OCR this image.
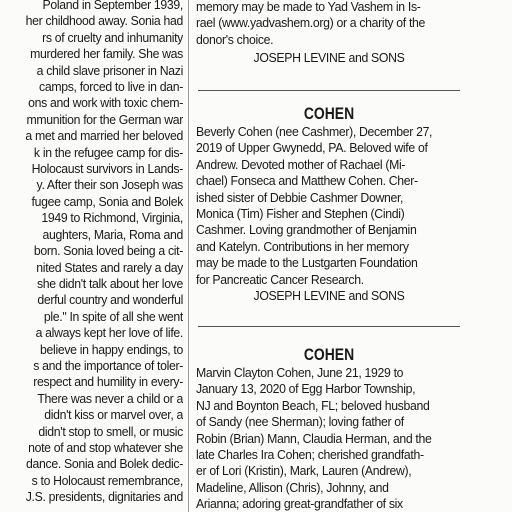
Poland in September 1939,
her childhood away. Sonia had
rs of cruelty and inhumanity
murdered her family. She was
a child slave prisoner in Nazi
camps, forced to live in dan-
ons and work with toxic chem-
mmunition for the German war
a met and married her beloved
k in the refugee camp for dis-
Holocaust survivors in Lands-
y. After their son Joseph was
fugee camp, Sonia and Bolek
1949 to Richmond, Virginia,
aughters, Maria, Roma and
born. Sonia loved being a cit-
nited States and rarely a day
she didn't talk about her love
derful country and wonderful
ple." In spite of all she went
a always kept her love of life.
believe in happy endings, to
s and the importance of toler-
respect and humility in every-
There was never a child or a
didn't kiss or marvel over, a
didn't stop to smell, or music
note of and stop whatever she
dance. Sonia and Bolek dedic-
s to Holocaust remembrance,
J.S. presidents, dignitaries and
memory may be made to Yad Vashem in Is-
rael (www.yadvashem.org) or a charity of the
donor's choice.
JOSEPH LEVINE and SONS
COHEN
Beverly Cohen (nee Cashmer), December 27,
2019 of Upper Gwynedd, PA. Beloved wife of
Andrew. Devoted mother of Rachael (Mi-
chael) Fonseca and Matthew Cohen. Cher-
ished sister of Debbie Cashmer Downer,
Monica (Tim) Fisher and Stephen (Cindi)
Cashmer. Loving grandmother of Benjamin
and Katelyn. Contributions in her memory
may be made to the Lustgarten Foundation
for Pancreatic Cancer Research.
JOSEPH LEVINE and SONS
COHEN
Marvin Clayton Cohen, June 21, 1929 to
January 13, 2020 of Egg Harbor Township,
NJ and Boynton Beach, FL; beloved husband
of Sandy (nee Sherman); loving father of
Robin (Brian) Mann, Claudia Herman, and the
late Charles Ira Cohen; cherished grandfath-
er of Lori (Kristin), Mark, Lauren (Andrew),
Madeline, Allison (Chris), Johnny, and
Arianna; adoring great-grandfather of six
